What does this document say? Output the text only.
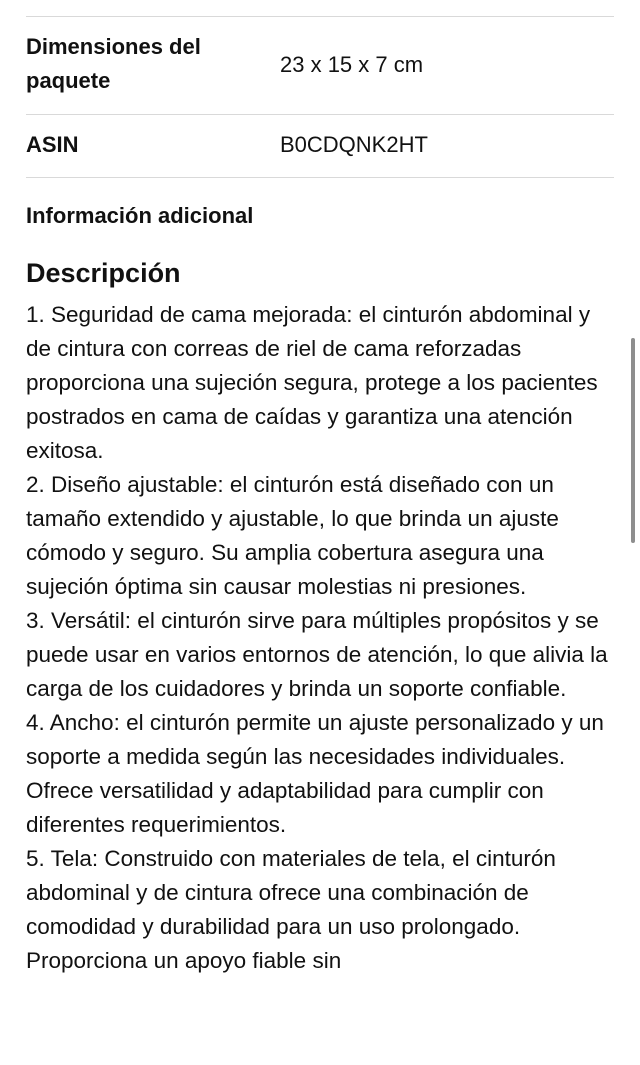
Dimensiones del paquete
23 x 15 x 7 cm
ASIN	B0CDQNK2HT
Información adicional
Descripción

1. Seguridad de cama mejorada: el cinturón abdominal y de cintura con correas de riel de cama reforzadas proporciona una sujeción segura, protege a los pacientes postrados en cama de caídas y garantiza una atención exitosa.

2. Diseño ajustable: el cinturón está diseñado con un tamaño extendido y ajustable, lo que brinda un ajuste cómodo y seguro. Su amplia cobertura asegura una sujeción óptima sin causar molestias ni presiones.

3. Versátil: el cinturón sirve para múltiples propósitos y se puede usar en varios entornos de atención, lo que alivia la carga de los cuidadores y brinda un soporte confiable.

4. Ancho: el cinturón permite un ajuste personalizado y un soporte a medida según las necesidades individuales. Ofrece versatilidad y adaptabilidad para cumplir con diferentes requerimientos.

5. Tela: Construido con materiales de tela, el cinturón abdominal y de cintura ofrece una combinación de comodidad y durabilidad para un uso prolongado. Proporciona un apoyo fiable sin
